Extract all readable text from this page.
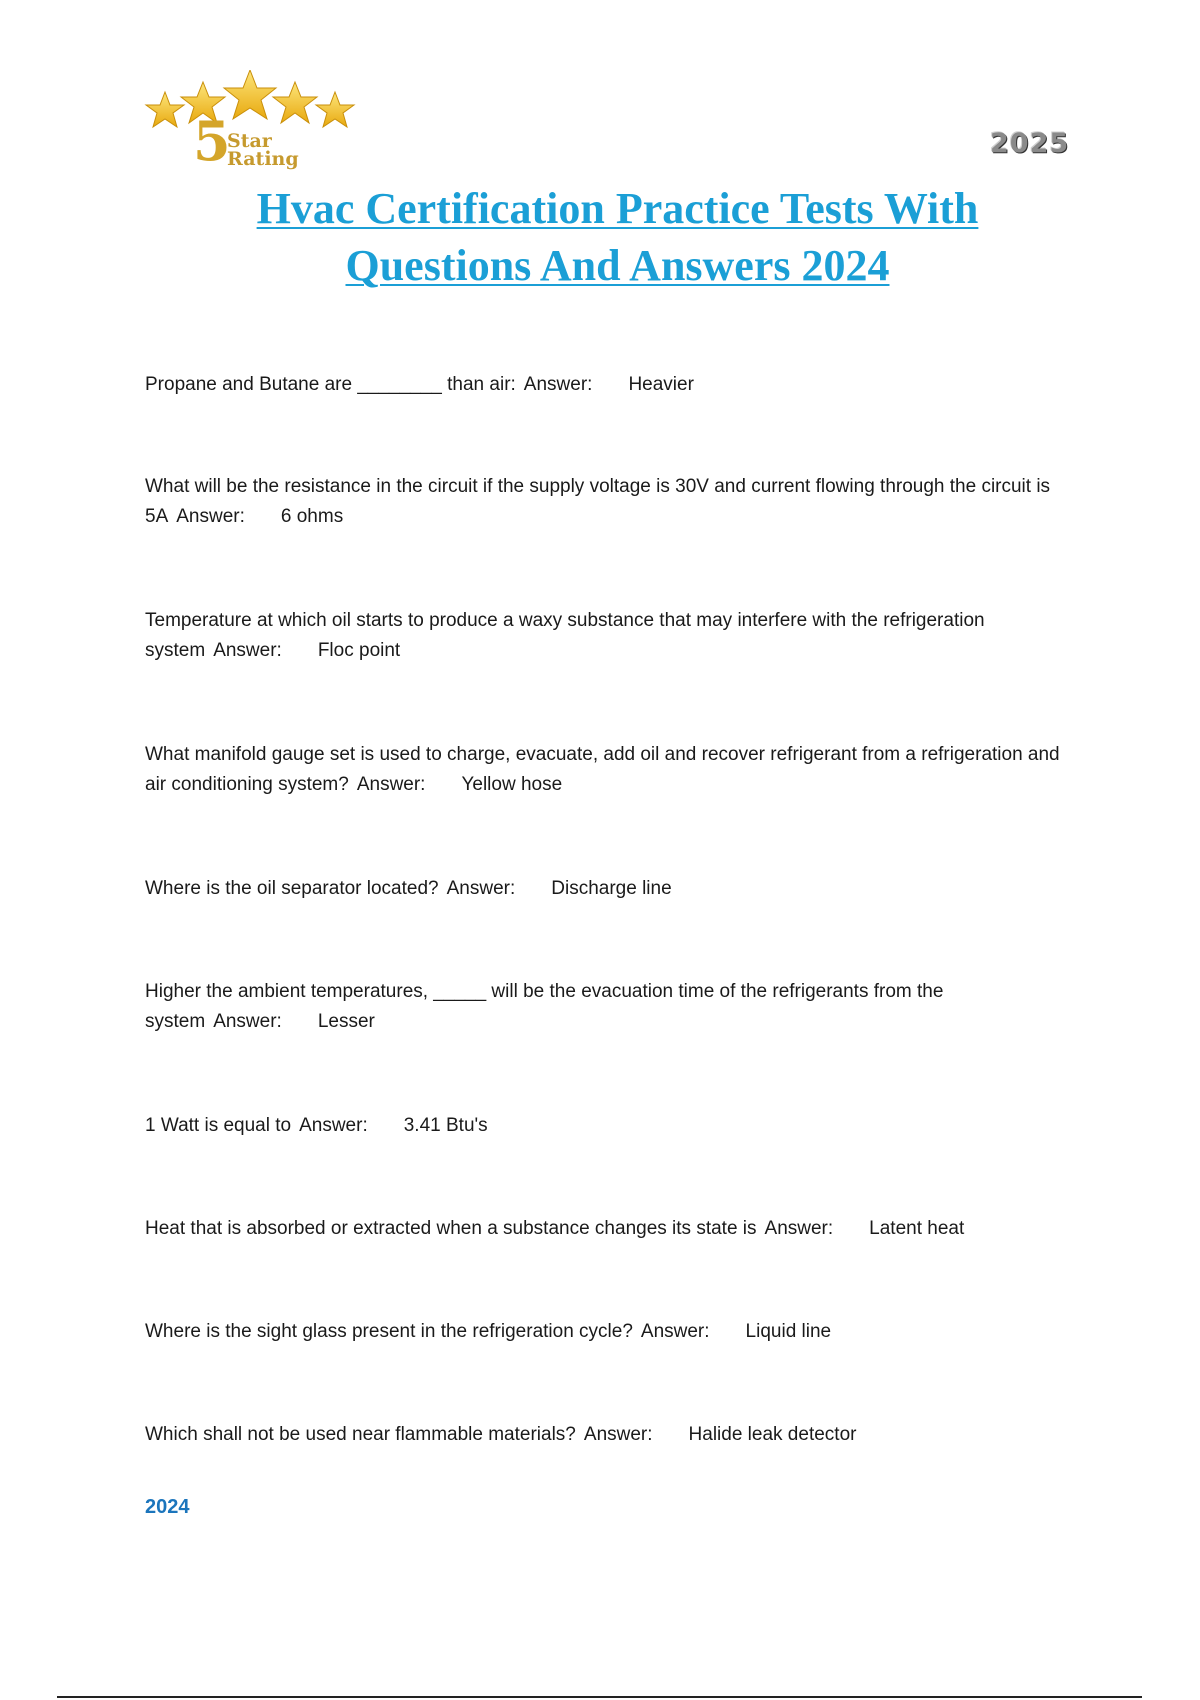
5
Star
Rating	2025
Hvac Certification Practice Tests With
Questions And Answers 2024

Propane and Butane are ________ than air: Answer: Heavier

What will be the resistance in the circuit if the supply voltage is 30V and current flowing through the circuit is 5A Answer: 6 ohms

Temperature at which oil starts to produce a waxy substance that may interfere with the refrigeration system Answer: Floc point

What manifold gauge set is used to charge, evacuate, add oil and recover refrigerant from a refrigeration and air conditioning system? Answer: Yellow hose

Where is the oil separator located? Answer: Discharge line

Higher the ambient temperatures, _____ will be the evacuation time of the refrigerants from the system Answer: Lesser

1 Watt is equal to Answer: 3.41 Btu's

Heat that is absorbed or extracted when a substance changes its state is Answer: Latent heat

Where is the sight glass present in the refrigeration cycle? Answer: Liquid line

Which shall not be used near flammable materials? Answer: Halide leak detector

2024
